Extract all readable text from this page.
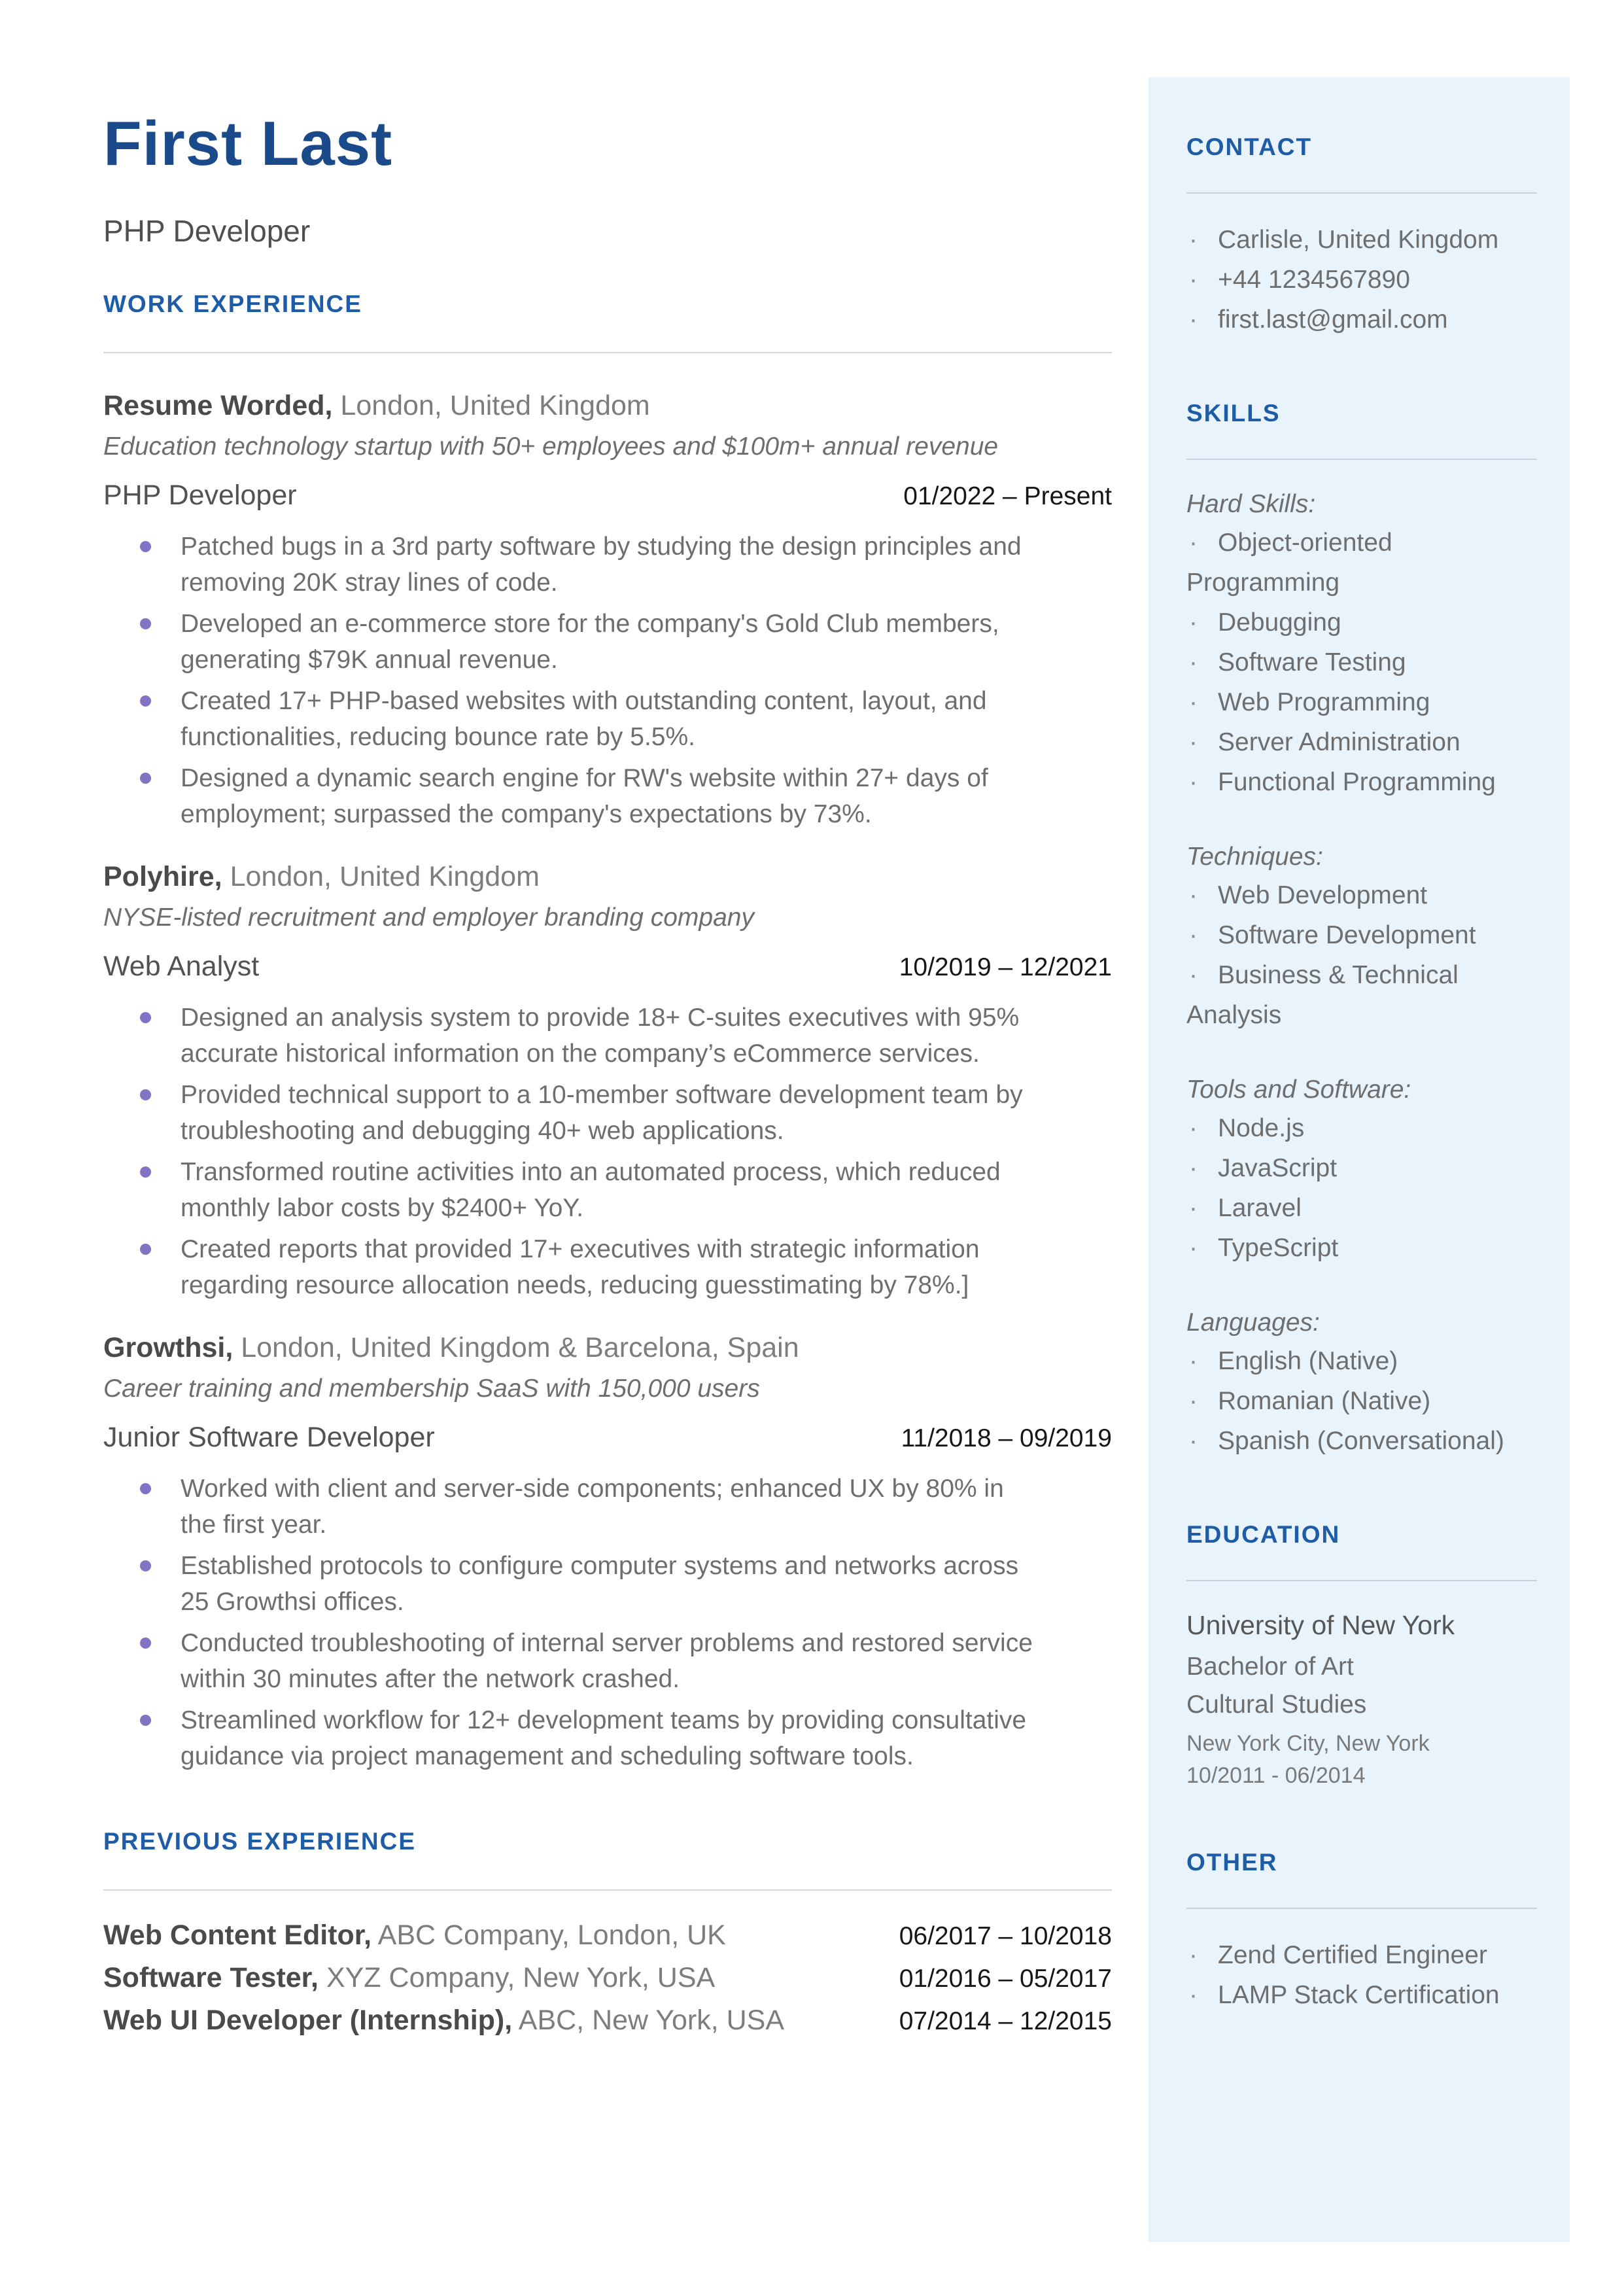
CONTACT
· Carlisle, United Kingdom
· +44 1234567890
· first.last@gmail.com
SKILLS
Hard Skills:
· Object-oriented Programming
· Debugging
· Software Testing
· Web Programming
· Server Administration
· Functional Programming
Techniques:
· Web Development
· Software Development
· Business & Technical Analysis
Tools and Software:
· Node.js
· JavaScript
· Laravel
· TypeScript
Languages:
· English (Native)
· Romanian (Native)
· Spanish (Conversational)
EDUCATION
University of New York
Bachelor of Art
Cultural Studies
New York City, New York
10/2011 - 06/2014
OTHER
· Zend Certified Engineer
· LAMP Stack Certification
First Last
PHP Developer
WORK EXPERIENCE
Resume Worded, London, United Kingdom
Education technology startup with 50+ employees and $100m+ annual revenue
PHP Developer	01/2022 – Present
Patched bugs in a 3rd party software by studying the design principles and removing 20K stray lines of code.
Developed an e-commerce store for the company's Gold Club members, generating $79K annual revenue.
Created 17+ PHP-based websites with outstanding content, layout, and functionalities, reducing bounce rate by 5.5%.
Designed a dynamic search engine for RW's website within 27+ days of employment; surpassed the company's expectations by 73%.
Polyhire, London, United Kingdom
NYSE-listed recruitment and employer branding company
Web Analyst	10/2019 – 12/2021
Designed an analysis system to provide 18+ C-suites executives with 95% accurate historical information on the company’s eCommerce services.
Provided technical support to a 10-member software development team by troubleshooting and debugging 40+ web applications.
Transformed routine activities into an automated process, which reduced monthly labor costs by $2400+ YoY.
Created reports that provided 17+ executives with strategic information regarding resource allocation needs, reducing guesstimating by 78%.]
Growthsi, London, United Kingdom & Barcelona, Spain
Career training and membership SaaS with 150,000 users
Junior Software Developer	11/2018 – 09/2019
Worked with client and server-side components; enhanced UX by 80% in the first year.
Established protocols to configure computer systems and networks across 25 Growthsi offices.
Conducted troubleshooting of internal server problems and restored service within 30 minutes after the network crashed.
Streamlined workflow for 12+ development teams by providing consultative guidance via project management and scheduling software tools.
PREVIOUS EXPERIENCE
Web Content Editor, ABC Company, London, UK	06/2017 – 10/2018
Software Tester, XYZ Company, New York, USA	01/2016 – 05/2017
Web UI Developer (Internship), ABC, New York, USA	07/2014 – 12/2015
